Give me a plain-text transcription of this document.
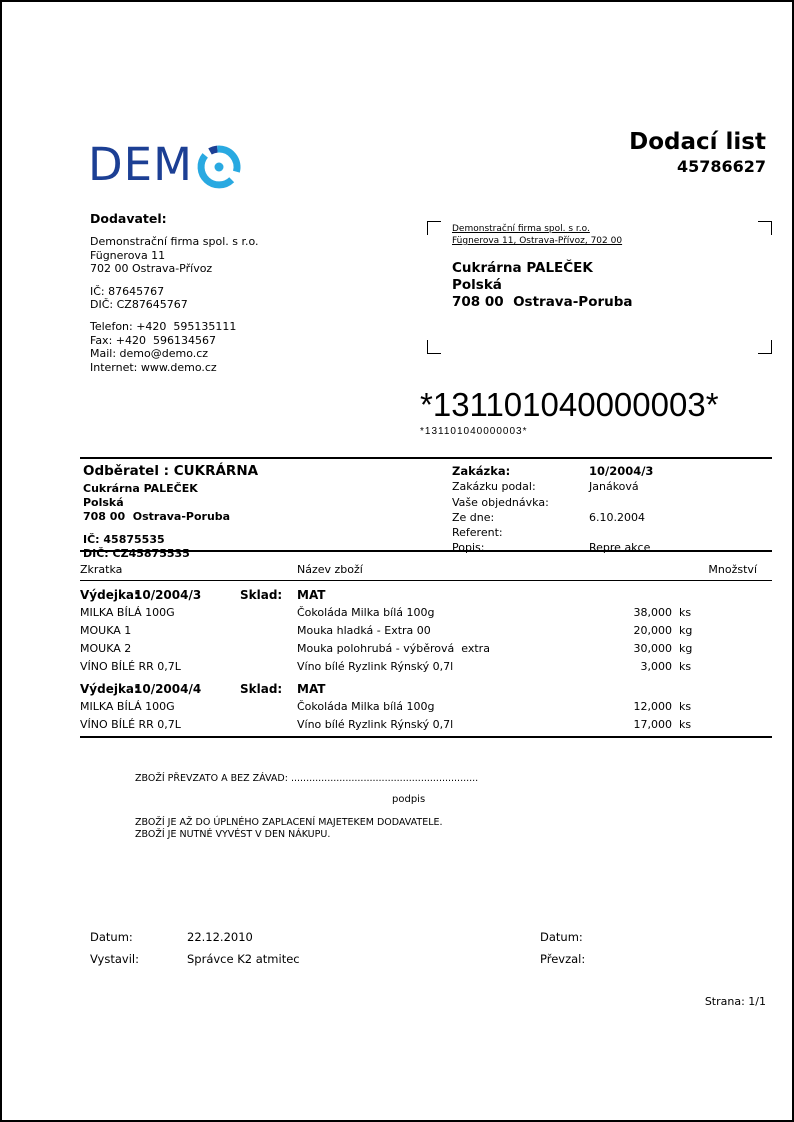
DEM	Dodací list
45786627
Dodavatel:
Demonstrační firma spol. s r.o.
Fügnerova 11
702 00 Ostrava-Přívoz
IČ: 87645767
DIČ: CZ87645767
Telefon: +420  595135111
Fax: +420  596134567
Mail: demo@demo.cz
Internet: www.demo.cz
Demonstrační firma spol. s r.o.
Fügnerova 11, Ostrava-Přívoz, 702 00
Cukrárna PALEČEK
Polská
708 00  Ostrava-Poruba
*131101040000003*
*131101040000003*
Odběratel : CUKRÁRNA
Cukrárna PALEČEK
Polská
708 00  Ostrava-Poruba
IČ: 45875535
DIČ: CZ45875535
Zakázka:	10/2004/3
Zakázku podal:	Janáková
Vaše objednávka:
Ze dne:	6.10.2004
Referent:
Popis:	Repre akce
Zkratka	Název zboží	Množství
Výdejka:
10/2004/3	Sklad:	MAT
MILKA BÍLÁ 100G	Čokoláda Milka bílá 100g	38,000 ks
MOUKA 1	Mouka hladká - Extra 00	20,000 kg
MOUKA 2	Mouka polohrubá - výběrová  extra	30,000 kg
VÍNO BÍLÉ RR 0,7L	Víno bílé Ryzlink Rýnský 0,7l	3,000 ks
Výdejka:
10/2004/4	Sklad:	MAT
MILKA BÍLÁ 100G	Čokoláda Milka bílá 100g	12,000 ks
VÍNO BÍLÉ RR 0,7L	Víno bílé Ryzlink Rýnský 0,7l	17,000 ks
ZBOŽÍ PŘEVZATO A BEZ ZÁVAD: ..............................................................
podpis
ZBOŽÍ JE AŽ DO ÚPLNÉHO ZAPLACENÍ MAJETEKEM DODAVATELE.
ZBOŽÍ JE NUTNÉ VYVÉST V DEN NÁKUPU.
Datum:	22.12.2010
Vystavil:	Správce K2 atmitec
Datum:
Převzal:
Strana: 1/1
